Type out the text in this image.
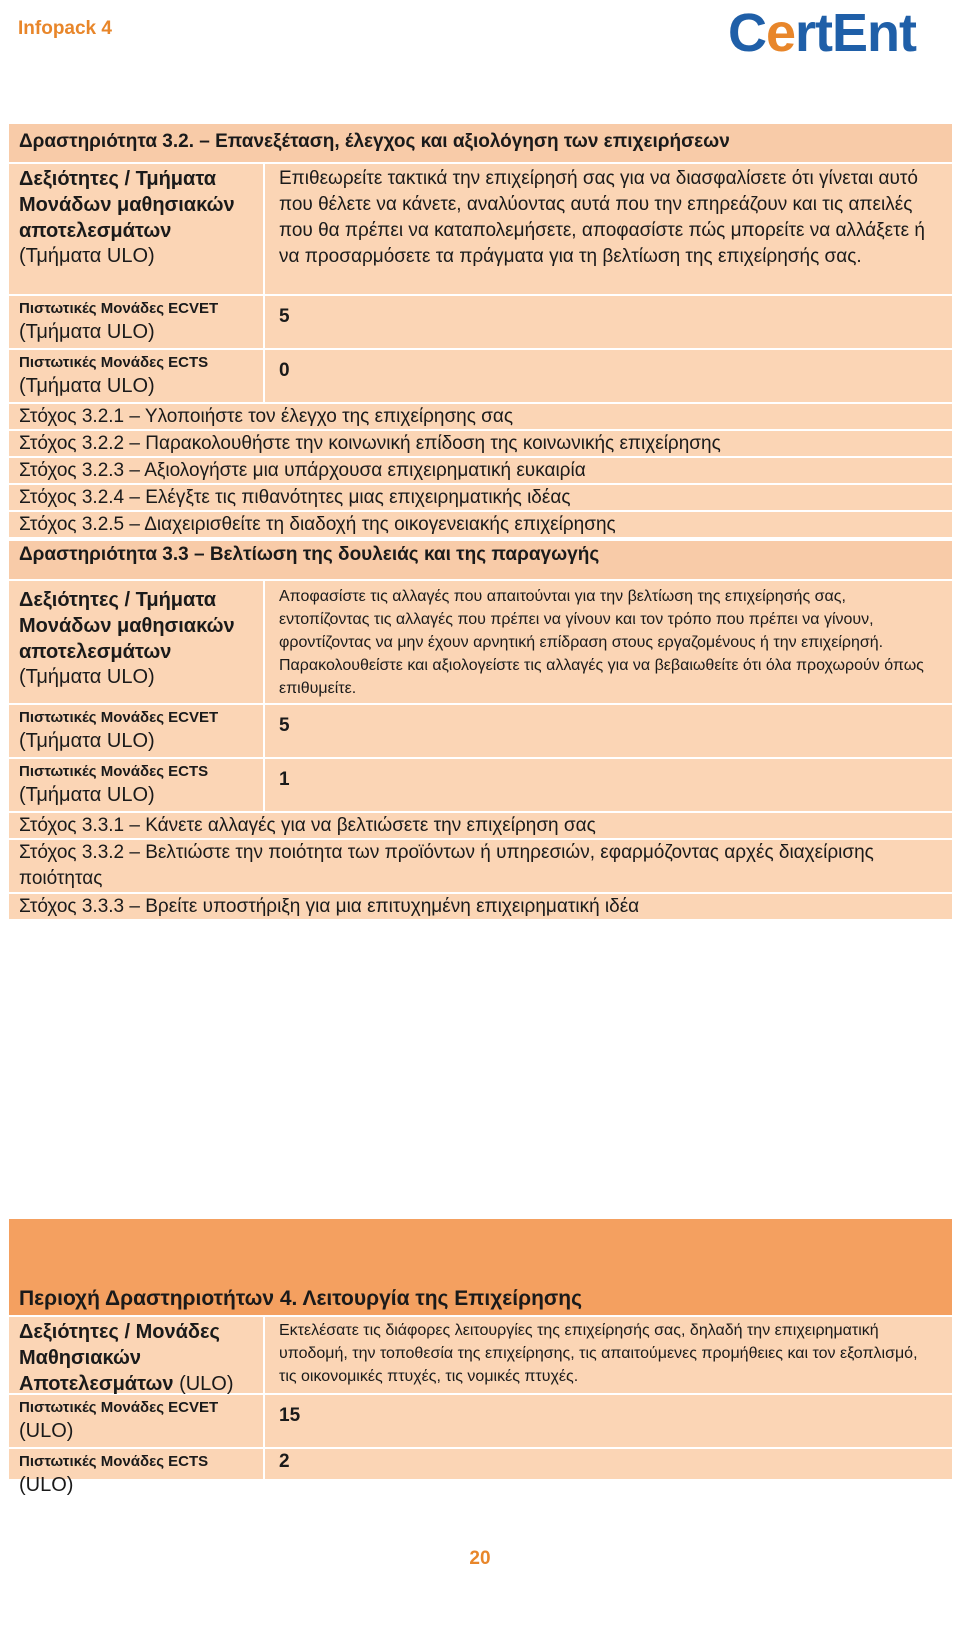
Infopack 4	CertEnt
Δραστηριότητα 3.2. – Επανεξέταση, έλεγχος και αξιολόγηση των επιχειρήσεων
Δεξιότητες / Τμήματα Μονάδων μαθησιακών αποτελεσμάτων
(Τμήματα ULO)
Επιθεωρείτε τακτικά την επιχείρησή σας για να διασφαλίσετε ότι γίνεται αυτό που θέλετε να κάνετε, αναλύοντας αυτά που την επηρεάζουν και τις απειλές που θα πρέπει να καταπολεμήσετε, αποφασίστε πώς μπορείτε να αλλάξετε ή να προσαρμόσετε τα πράγματα για τη βελτίωση της επιχείρησής σας.
Πιστωτικές Μονάδες ECVET
(Τμήματα ULO)
5
Πιστωτικές Μονάδες ECTS
(Τμήματα ULO)
0
Στόχος 3.2.1 – Υλοποιήστε τον έλεγχο της επιχείρησης σας
Στόχος 3.2.2 – Παρακολουθήστε την κοινωνική επίδοση της κοινωνικής επιχείρησης
Στόχος 3.2.3 – Αξιολογήστε μια υπάρχουσα επιχειρηματική ευκαιρία
Στόχος 3.2.4 – Ελέγξτε τις πιθανότητες μιας επιχειρηματικής ιδέας
Στόχος 3.2.5 – Διαχειρισθείτε τη διαδοχή της οικογενειακής επιχείρησης
Δραστηριότητα 3.3 – Βελτίωση της δουλειάς και της παραγωγής
Δεξιότητες / Τμήματα Μονάδων μαθησιακών αποτελεσμάτων
(Τμήματα ULO)
Αποφασίστε τις αλλαγές που απαιτούνται για την βελτίωση της επιχείρησής σας, εντοπίζοντας τις αλλαγές που πρέπει να γίνουν και τον τρόπο που πρέπει να γίνουν, φροντίζοντας να μην έχουν αρνητική επίδραση στους εργαζομένους ή την επιχείρησή. Παρακολουθείστε και αξιολογείστε τις αλλαγές για να βεβαιωθείτε ότι όλα προχωρούν όπως επιθυμείτε.
Πιστωτικές Μονάδες ECVET
(Τμήματα ULO)
5
Πιστωτικές Μονάδες ECTS
(Τμήματα ULO)
1
Στόχος 3.3.1 – Κάνετε αλλαγές για να βελτιώσετε την επιχείρηση σας
Στόχος 3.3.2 – Βελτιώστε την ποιότητα των προϊόντων ή υπηρεσιών, εφαρμόζοντας αρχές διαχείρισης ποιότητας
Στόχος 3.3.3 – Βρείτε υποστήριξη για μια επιτυχημένη επιχειρηματική ιδέα
Περιοχή Δραστηριοτήτων 4. Λειτουργία της Επιχείρησης
Δεξιότητες / Μονάδες Μαθησιακών Αποτελεσμάτων (ULO)
Εκτελέσατε τις διάφορες λειτουργίες της επιχείρησής σας, δηλαδή την επιχειρηματική υποδομή, την τοποθεσία της επιχείρησης, τις απαιτούμενες προμήθειες και τον εξοπλισμό, τις οικονομικές πτυχές, τις νομικές πτυχές.
Πιστωτικές Μονάδες ECVET
(ULO)
15
Πιστωτικές Μονάδες ECTS (ULO)
2
20
